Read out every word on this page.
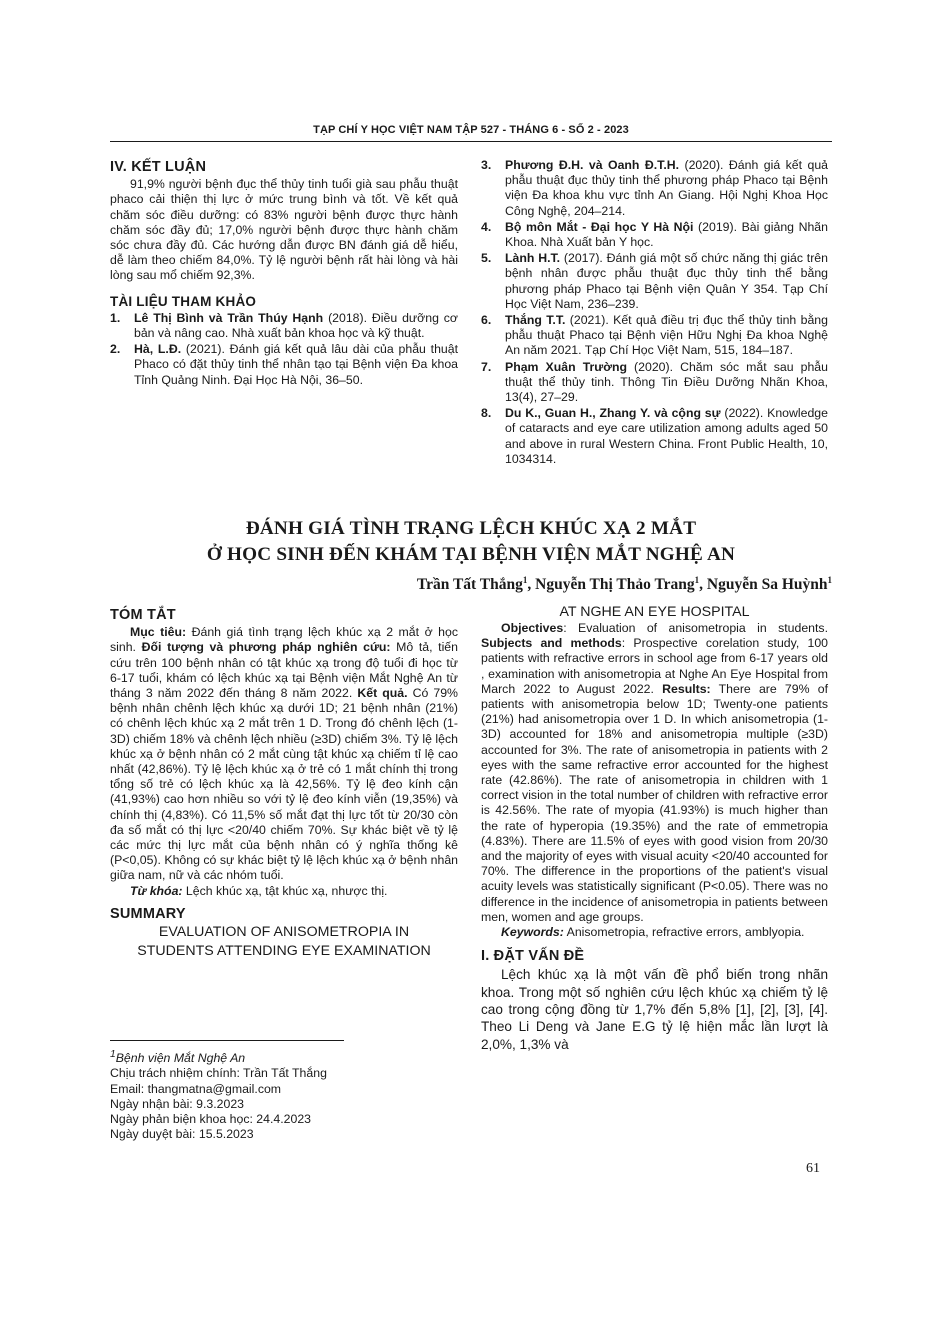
TẠP CHÍ Y HỌC VIỆT NAM TẬP 527 - THÁNG 6 - SỐ 2 - 2023
IV. KẾT LUẬN

91,9% người bệnh đục thể thủy tinh tuổi già sau phẫu thuật phaco cải thiện thị lực ở mức trung bình và tốt. Về kết quả chăm sóc điều dưỡng: có 83% người bệnh được thực hành chăm sóc đầy đủ; 17,0% người bệnh được thực hành chăm sóc chưa đầy đủ. Các hướng dẫn được BN đánh giá dễ hiểu, dễ làm theo chiếm 84,0%. Tỷ lệ người bệnh rất hài lòng và hài lòng sau mổ chiếm 92,3%.

TÀI LIỆU THAM KHẢO
1.	Lê Thị Bình và Trần Thúy Hạnh (2018). Điều dưỡng cơ bản và nâng cao. Nhà xuất bản khoa học và kỹ thuật.
2.	Hà, L.Đ. (2021). Đánh giá kết quả lâu dài của phẫu thuật Phaco có đặt thủy tinh thể nhân tạo tại Bệnh viện Đa khoa Tỉnh Quảng Ninh. Đại Học Hà Nội, 36–50.
3.	Phương Đ.H. và Oanh Đ.T.H. (2020). Đánh giá kết quả phẫu thuật đục thủy tinh thể phương pháp Phaco tại Bệnh viện Đa khoa khu vực tỉnh An Giang. Hội Nghị Khoa Học Công Nghệ, 204–214.
4.	Bộ môn Mắt - Đại học Y Hà Nội (2019). Bài giảng Nhãn Khoa. Nhà Xuất bản Y học.
5.	Lành H.T. (2017). Đánh giá một số chức năng thị giác trên bệnh nhân được phẫu thuật đục thủy tinh thể bằng phương pháp Phaco tại Bệnh viện Quân Y 354. Tạp Chí Học Việt Nam, 236–239.
6.	Thắng T.T. (2021). Kết quả điều trị đục thể thủy tinh bằng phẫu thuật Phaco tại Bệnh viện Hữu Nghị Đa khoa Nghệ An năm 2021. Tạp Chí Học Việt Nam, 515, 184–187.
7.	Phạm Xuân Trường (2020). Chăm sóc mắt sau phẫu thuật thể thủy tinh. Thông Tin Điều Dưỡng Nhãn Khoa, 13(4), 27–29.
8.	Du K., Guan H., Zhang Y. và cộng sự (2022). Knowledge of cataracts and eye care utilization among adults aged 50 and above in rural Western China. Front Public Health, 10, 1034314.
ĐÁNH GIÁ TÌNH TRẠNG LỆCH KHÚC XẠ 2 MẮT
Ở HỌC SINH ĐẾN KHÁM TẠI BỆNH VIỆN MẮT NGHỆ AN
Trần Tất Thắng$^1$, Nguyễn Thị Thảo Trang$^1$, Nguyễn Sa Huỳnh$^1$
TÓM TẮT

Mục tiêu: Đánh giá tình trạng lệch khúc xạ 2 mắt ở học sinh. Đối tượng và phương pháp nghiên cứu: Mô tả, tiến cứu trên 100 bệnh nhân có tật khúc xạ trong độ tuổi đi học từ 6-17 tuổi, khám có lệch khúc xạ tại Bệnh viện Mắt Nghệ An từ tháng 3 năm 2022 đến tháng 8 năm 2022. Kết quả. Có 79% bệnh nhân chênh lệch khúc xạ dưới 1D; 21 bệnh nhân (21%) có chênh lệch khúc xạ 2 mắt trên 1 D. Trong đó chênh lệch (1- 3D) chiếm 18% và chênh lệch nhiều (≥3D) chiếm 3%. Tỷ lệ lệch khúc xạ ở bệnh nhân có 2 mắt cùng tật khúc xạ chiếm tỉ lệ cao nhất (42,86%). Tỷ lệ lệch khúc xạ ở trẻ có 1 mắt chính thị trong tổng số trẻ có lệch khúc xạ là 42,56%. Tỷ lệ đeo kính cận (41,93%) cao hơn nhiều so với tỷ lệ đeo kính viễn (19,35%) và chính thị (4,83%). Có 11,5% số mắt đạt thị lực tốt từ 20/30 còn đa số mắt có thị lực <20/40 chiếm 70%. Sự khác biệt về tỷ lệ các mức thị lực mắt của bệnh nhân có ý nghĩa thống kê (P<0,05). Không có sự khác biệt tỷ lệ lệch khúc xạ ở bệnh nhân giữa nam, nữ và các nhóm tuổi.

Từ khóa: Lệch khúc xạ, tật khúc xạ, nhược thị.

SUMMARY
EVALUATION OF ANISOMETROPIA IN
STUDENTS ATTENDING EYE EXAMINATION
AT NGHE AN EYE HOSPITAL

Objectives: Evaluation of anisometropia in students. Subjects and methods: Prospective corelation study, 100 patients with refractive errors in school age from 6-17 years old , examination with anisometropia at Nghe An Eye Hospital from March 2022 to August 2022. Results: There are 79% of patients with anisometropia below 1D; Twenty-one patients (21%) had anisometropia over 1 D. In which anisometropia (1-3D) accounted for 18% and anisometropia multiple (≥3D) accounted for 3%. The rate of anisometropia in patients with 2 eyes with the same refractive error accounted for the highest rate (42.86%). The rate of anisometropia in children with 1 correct vision in the total number of children with refractive error is 42.56%. The rate of myopia (41.93%) is much higher than the rate of hyperopia (19.35%) and the rate of emmetropia (4.83%). There are 11.5% of eyes with good vision from 20/30 and the majority of eyes with visual acuity <20/40 accounted for 70%. The difference in the proportions of the patient's visual acuity levels was statistically significant (P<0.05). There was no difference in the incidence of anisometropia in patients between men, women and age groups.

Keywords: Anisometropia, refractive errors, amblyopia.

I. ĐẶT VẤN ĐỀ

Lệch khúc xạ là một vấn đề phổ biến trong nhãn khoa. Trong một số nghiên cứu lệch khúc xạ chiếm tỷ lệ cao trong cộng đồng từ 1,7% đến 5,8% [1], [2], [3], [4]. Theo Li Deng và Jane E.G tỷ lệ hiện mắc lần lượt là 2,0%, 1,3% và

$^1$Bệnh viện Mắt Nghệ An
Chịu trách nhiệm chính: Trần Tất Thắng
Email: thangmatna@gmail.com
Ngày nhận bài: 9.3.2023
Ngày phản biện khoa học: 24.4.2023
Ngày duyệt bài: 15.5.2023
61
